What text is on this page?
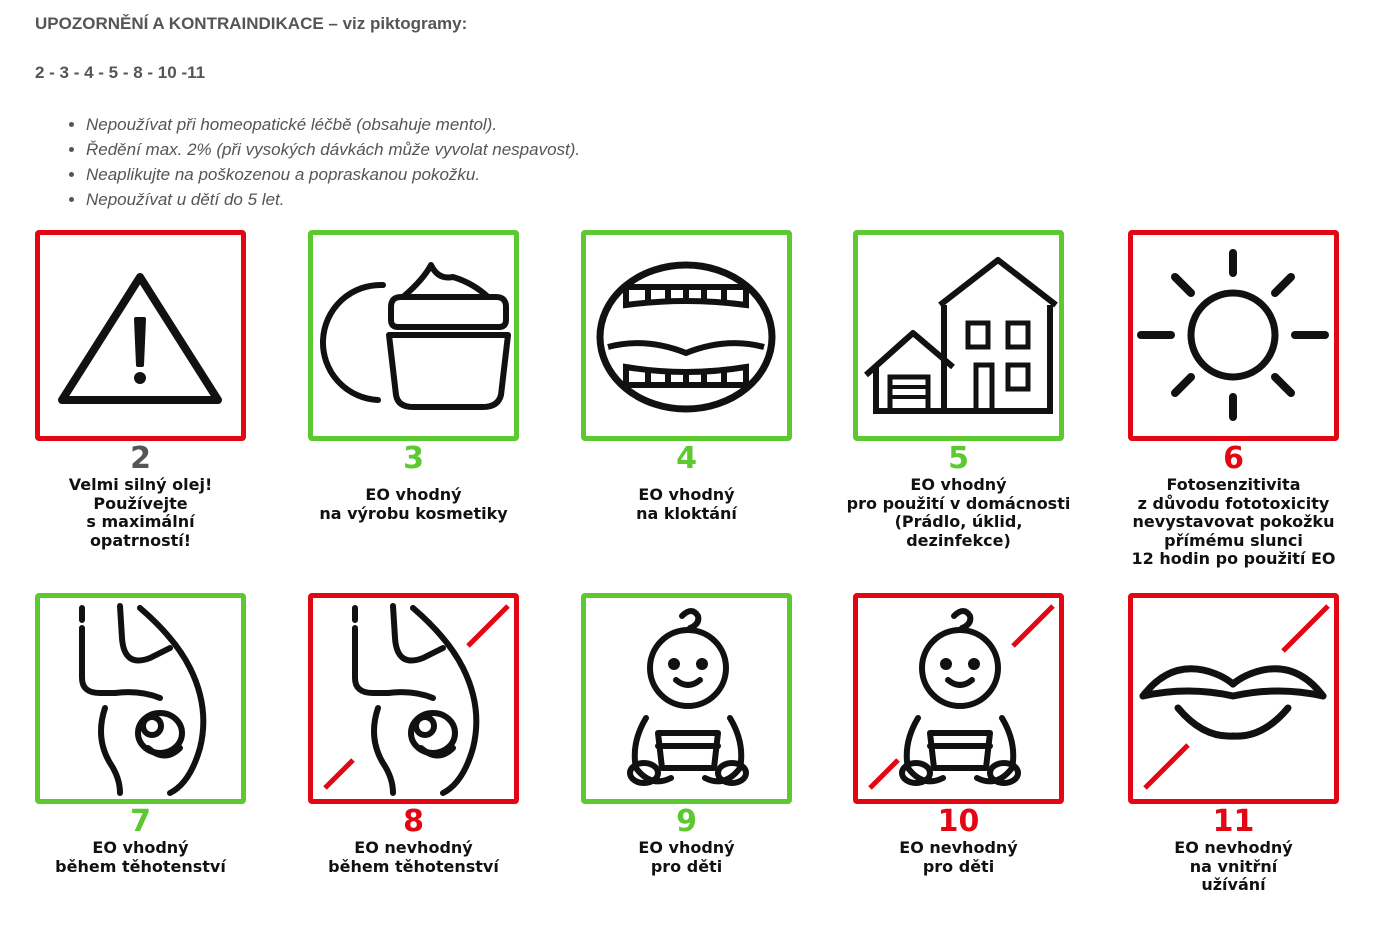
UPOZORNĚNÍ A KONTRAINDIKACE – viz piktogramy:
2 - 3 - 4 - 5 - 8 - 10 -11
• Nepoužívat při homeopatické léčbě (obsahuje mentol).
• Ředění max. 2% (při vysokých dávkách může vyvolat nespavost).
• Neaplikujte na poškozenou a popraskanou pokožku.
• Nepoužívat u dětí do 5 let.
2
Velmi silný olej!
Používejte
s maximální
opatrností!
3
EO vhodný
na výrobu kosmetiky
4
EO vhodný
na kloktání
5
EO vhodný
pro použití v domácnosti
(Prádlo, úklid,
dezinfekce)
6
Fotosenzitivita
z důvodu fototoxicity
nevystavovat pokožku
přímému slunci
12 hodin po použití EO
7
EO vhodný
během těhotenství
8
EO nevhodný
během těhotenství
9
EO vhodný
pro děti
10
EO nevhodný
pro děti
11
EO nevhodný
na vnitřní
užívání
